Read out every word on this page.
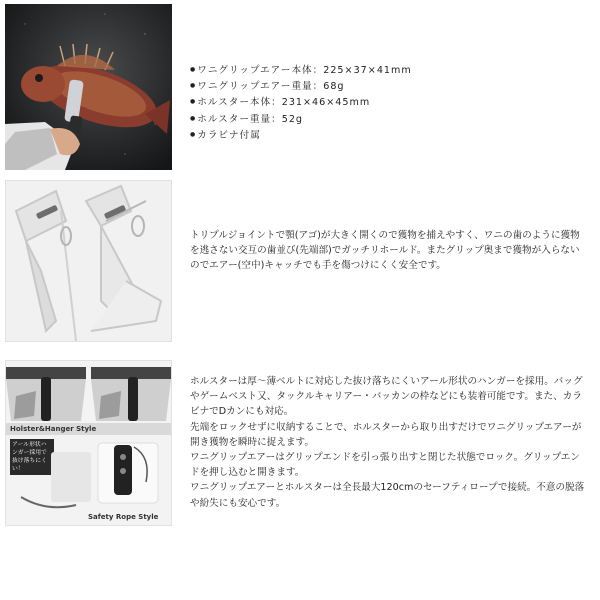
● ワニグリップエアー本体：225×37×41mm
● ワニグリップエアー重量：68g
● ホルスター本体：231×46×45mm
● ホルスター重量：52g
● カラビナ付属

トリプルジョイントで顎(アゴ)が大きく開くので獲物を捕えやすく、ワニの歯のように獲物を逃さない交互の歯並び(先端部)でガッチリホールド。またグリップ奥まで獲物が入らないのでエアー(空中)キャッチでも手を傷つけにくく安全です。

Holster&Hanger Style
アール形状ハンガー採用で抜け落ちにくい！
Safety Rope Style

ホルスターは厚～薄ベルトに対応した抜け落ちにくいアール形状のハンガーを採用。バッグやゲームベスト又、タックルキャリアー・バッカンの枠などにも装着可能です。また、カラビナでDカンにも対応。

先端をロックせずに収納することで、ホルスターから取り出すだけでワニグリップエアーが開き獲物を瞬時に捉えます。

ワニグリップエアーはグリップエンドを引っ張り出すと閉じた状態でロック。グリップエンドを押し込むと開きます。

ワニグリップエアーとホルスターは全長最大120cmのセーフティロープで接続。不意の脱落や紛失にも安心です。
